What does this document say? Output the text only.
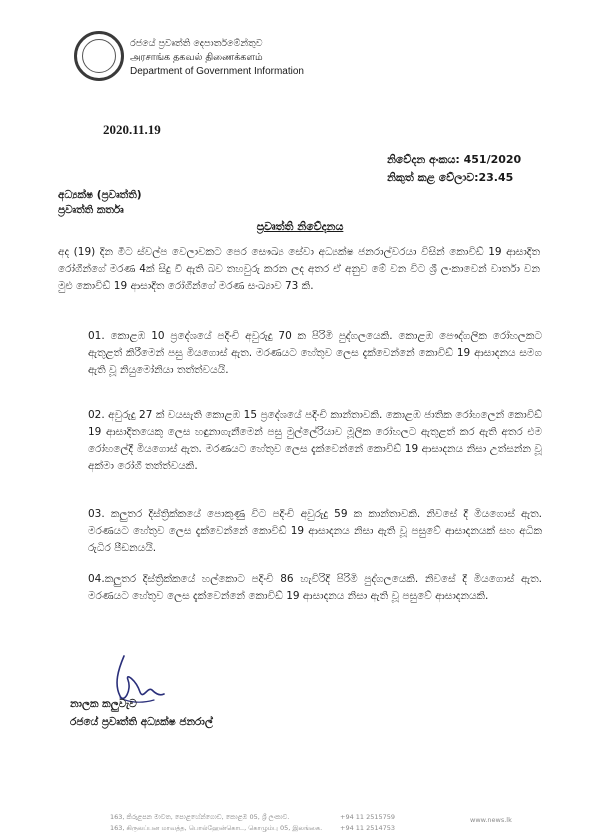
රජයේ ප්‍රවෘත්ති දෙපාර්තමේන්තුව
அரசாங்க தகவல் திணைக்களம்
Department of Government Information
2020.11.19
නිවේදන අංකය: 451/2020
නිකුත් කළ වේලාව:23.45
අධ්‍යක්ෂ (ප්‍රවෘත්ති)
ප්‍රවෘත්ති කර්තෘ
ප්‍රවෘත්ති නිවේදනය
අද (19) දින මීට ස්වල්ප වෙලාවකට පෙර සෞඛ්‍ය සේවා අධ්‍යක්ෂ ජනරාල්වරයා විසින් කොවිඩ් 19 ආසාදිත රෝගීන්ගේ මරණ 4ක් සිදු වී ඇති බව තහවුරු කරන ලද අතර ඒ අනුව මේ වන විට ශ්‍රී ලංකාවෙන් වාර්තා වන මුළු කොවිඩ් 19 ආසාදිත රෝගීන්ගේ මරණ සංඛ්‍යාව 73 කි.
01. කොළඹ 10 ප්‍රදේශයේ පදිංචි අවුරුදු 70 ක පිරිමි පුද්ගලයෙකි. කොළඹ පෞද්ගලික රෝහලකට ඇතුළත් කිරීමෙන් පසු මියගොස් ඇත. මරණයට හේතුව ලෙස දැක්වෙන්නේ කොවිඩ් 19 ආසාදනය සමග ඇති වූ නියුමෝනියා තත්ත්වයයි.
02. අවුරුදු 27 ක් වයසැති කොළඹ 15 ප්‍රදේශයේ පදිංචි කාන්තාවකි. කොළඹ ජාතික රෝහලෙන් කොවිඩ් 19 ආසාදිතයෙකු ලෙස හඳුනාගැනීමෙන් පසු මුල්ලේරියාව මූලික රෝහලට ඇතුළත් කර ඇති අතර එම රෝහලේදී මියගොස් ඇත. මරණයට හේතුව ලෙස දැක්වෙන්නේ කොවිඩ් 19 ආසාදනය නිසා උත්සන්න වූ අක්මා රෝගී තත්ත්වයකි.
03. කලුතර දිස්ත්‍රික්කයේ පොකුණු විට පදිංචි අවුරුදු 59 ක කාන්තාවකි. නිවසේ දී මියගොස් ඇත. මරණයට හේතුව ලෙස දැක්වෙන්නේ කොවිඩ් 19 ආසාදනය නිසා ඇති වූ පසුවේ ආසාදනයක් සහ අධික රුධිර පීඩනයයි.
04.කලුතර දිස්ත්‍රික්කයේ හල්කොට පදිංචි 86 හැවිරිදි පිරිමි පුද්ගලයෙකි. නිවසේ දී මියගොස් ඇත. මරණයට හේතුව ලෙස දැක්වෙන්නේ කොවිඩ් 19 ආසාදනය නිසා ඇති වූ පසුවේ ආසාදනයකි.
නාලක කලුවැව
රජයේ ප්‍රවෘත්ති අධ්‍යක්ෂ ජනරාල්
163, කිරුළපන මාවත, පොළහේන්ගොඩ, කොළඹ 05, ශ්‍රී ලංකාව.
163, கிருலப்பன மாவத்த, பொல்ஹேன்கொட, கொழும்பு 05, இலங்கை.
+94 11 2515759
+94 11 2514753
www.news.lk
